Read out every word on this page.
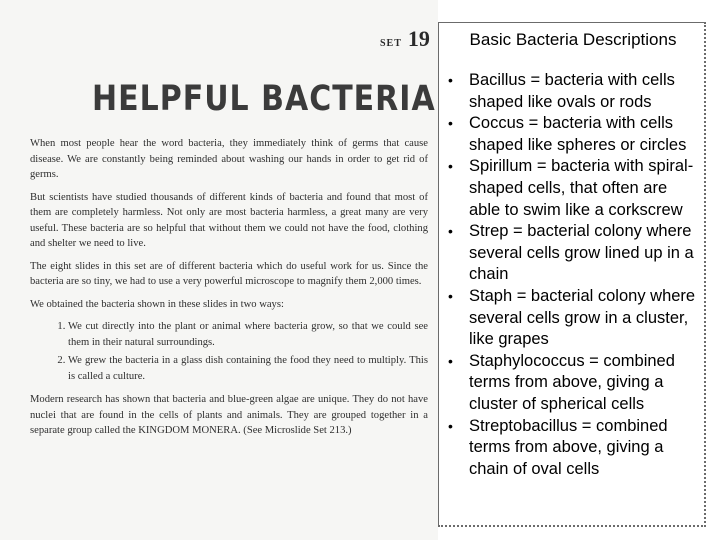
SET 19
HELPFUL BACTERIA

When most people hear the word bacteria, they immediately think of germs that cause disease. We are constantly being reminded about washing our hands in order to get rid of germs.

But scientists have studied thousands of different kinds of bacteria and found that most of them are completely harmless. Not only are most bacteria harmless, a great many are very useful. These bacteria are so helpful that without them we could not have the food, clothing and shelter we need to live.

The eight slides in this set are of different bacteria which do useful work for us. Since the bacteria are so tiny, we had to use a very powerful microscope to magnify them 2,000 times.

We obtained the bacteria shown in these slides in two ways:

1. We cut directly into the plant or animal where bacteria grow, so that we could see them in their natural surroundings.
2. We grew the bacteria in a glass dish containing the food they need to multiply. This is called a culture.

Modern research has shown that bacteria and blue-green algae are unique. They do not have nuclei that are found in the cells of plants and animals. They are grouped together in a separate group called the KINGDOM MONERA. (See Microslide Set 213.)

Basic Bacteria Descriptions
• Bacillus = bacteria with cells shaped like ovals or rods
• Coccus = bacteria with cells shaped like spheres or circles
• Spirillum = bacteria with spiral-shaped cells, that often are able to swim like a corkscrew
• Strep = bacterial colony where several cells grow lined up in a chain
• Staph = bacterial colony where several cells grow in a cluster, like grapes
• Staphylococcus = combined terms from above, giving a cluster of spherical cells
• Streptobacillus = combined terms from above, giving a chain of oval cells
